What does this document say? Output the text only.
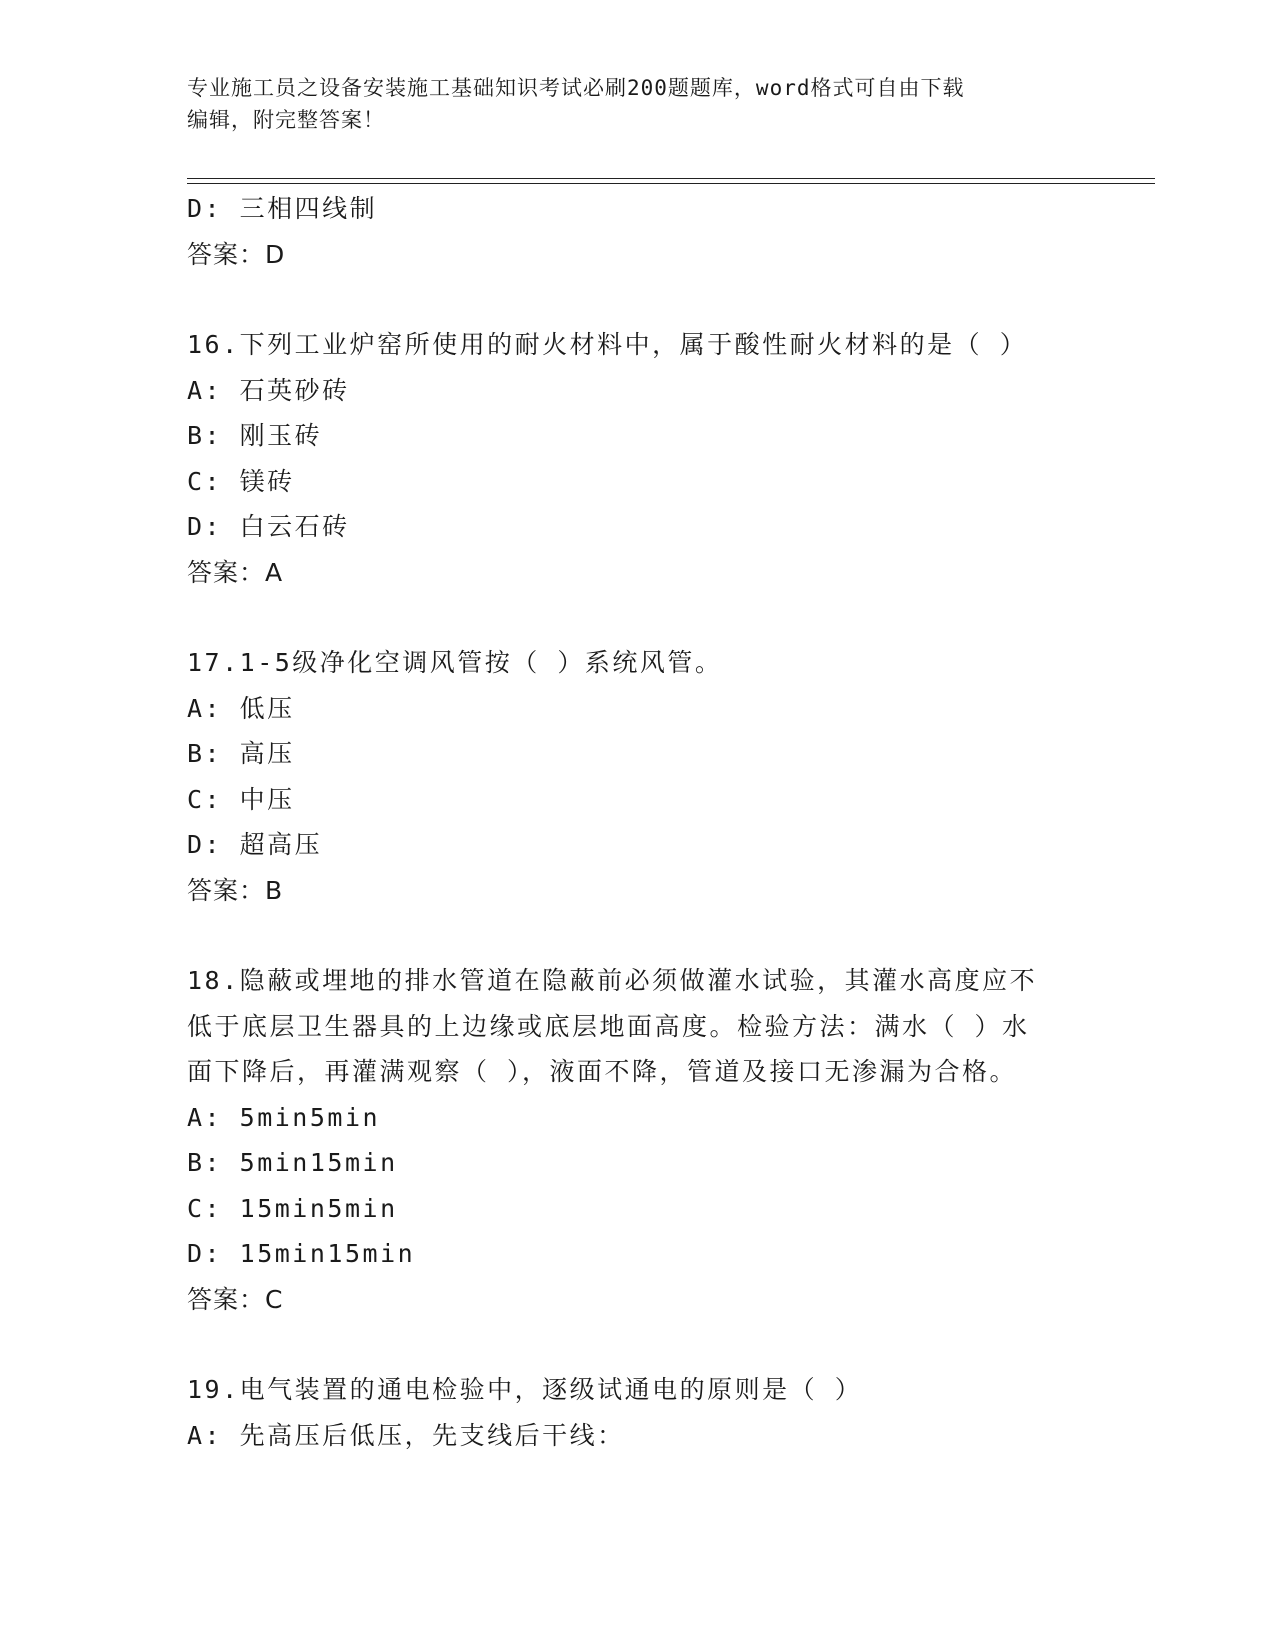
专业施工员之设备安装施工基础知识考试必刷200题题库，word格式可自由下载
编辑，附完整答案！
D: 三相四线制
答案：D
16.下列工业炉窑所使用的耐火材料中，属于酸性耐火材料的是（ ）
A: 石英砂砖
B: 刚玉砖
C: 镁砖
D: 白云石砖
答案：A
17.1-5级净化空调风管按（ ）系统风管。
A: 低压
B: 高压
C: 中压
D: 超高压
答案：B
18.隐蔽或埋地的排水管道在隐蔽前必须做灌水试验，其灌水高度应不
低于底层卫生器具的上边缘或底层地面高度。检验方法：满水（ ）水
面下降后，再灌满观察（ ），液面不降，管道及接口无渗漏为合格。
A: 5min5min
B: 5min15min
C: 15min5min
D: 15min15min
答案：C
19.电气装置的通电检验中，逐级试通电的原则是（ ）
A: 先高压后低压，先支线后干线：
